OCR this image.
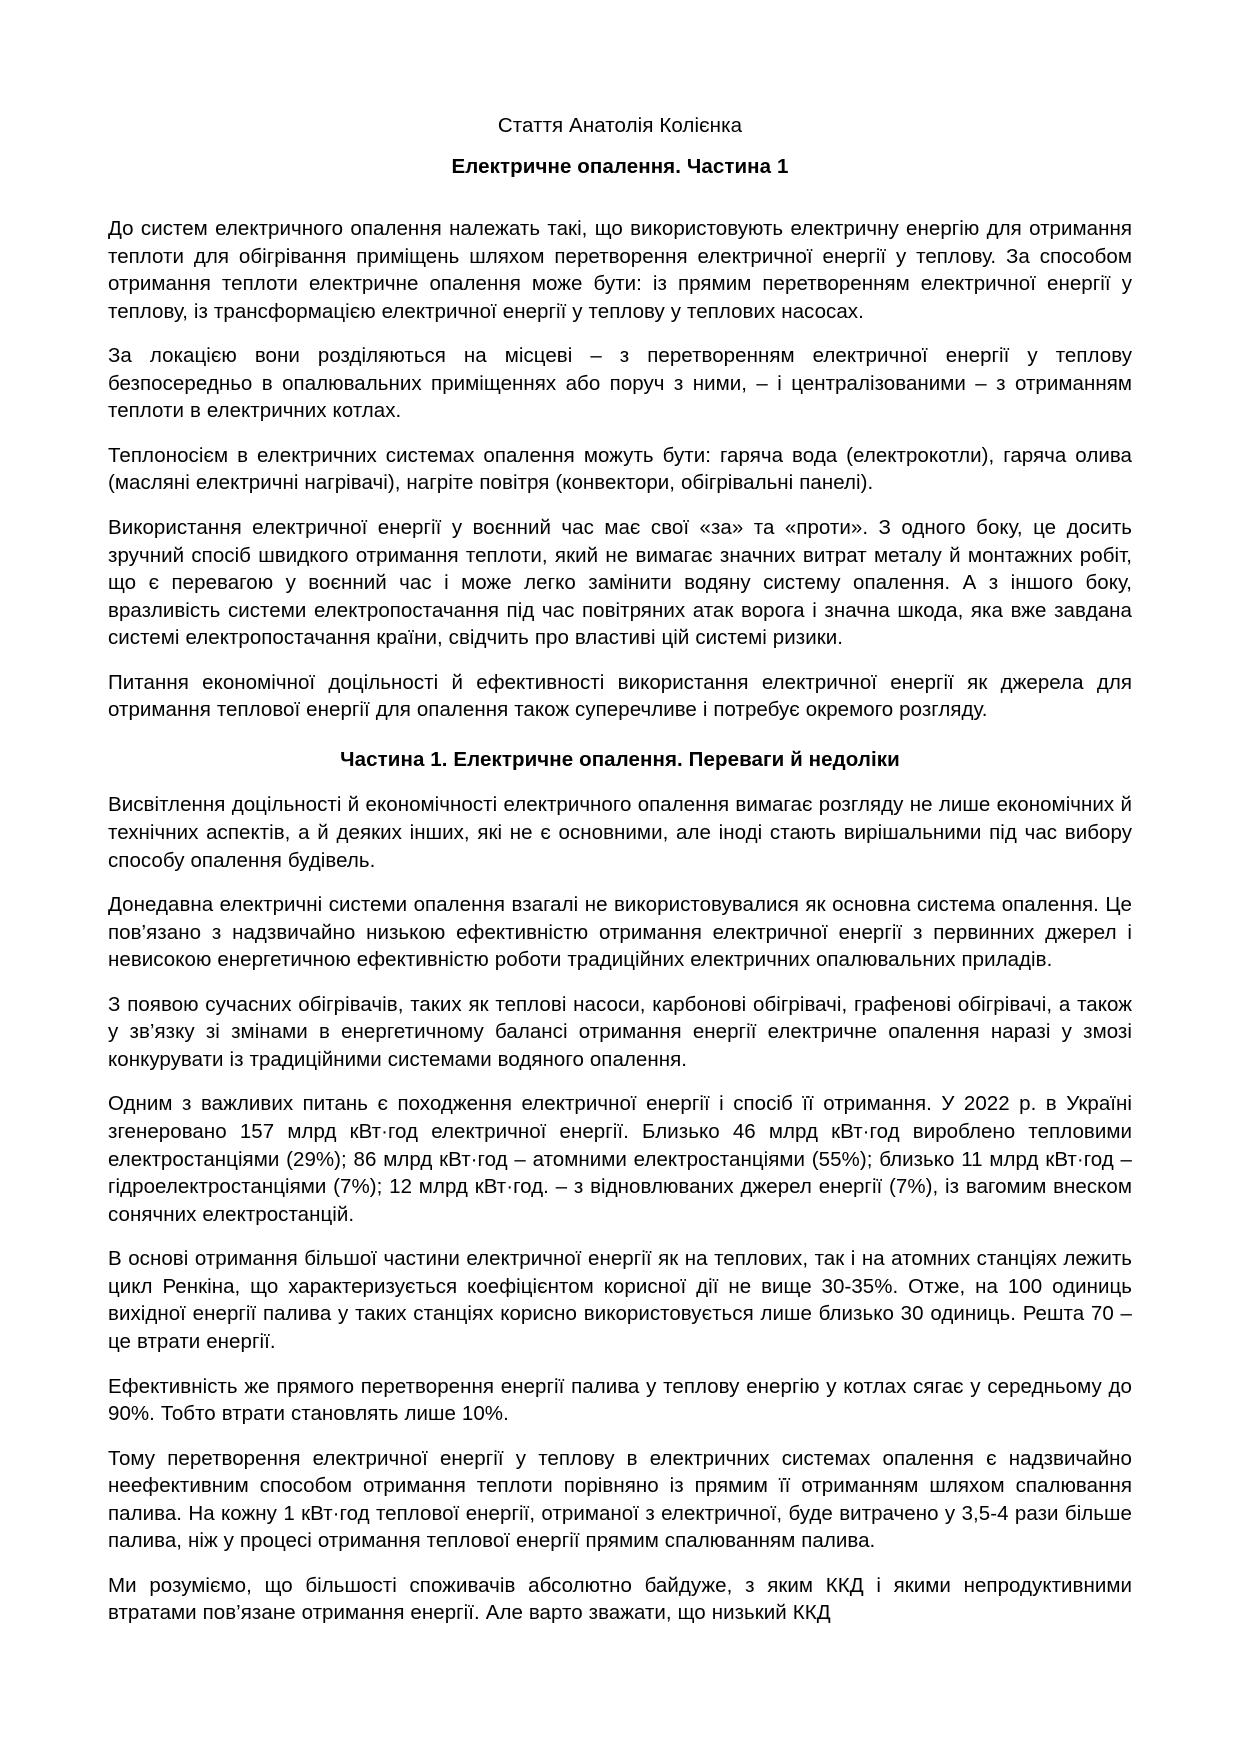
Стаття Анатолія Колієнка
Електричне опалення. Частина 1

До систем електричного опалення належать такі, що використовують електричну енергію для отримання теплоти для обігрівання приміщень шляхом перетворення електричної енергії у теплову. За способом отримання теплоти електричне опалення може бути: із прямим перетворенням електричної енергії у теплову, із трансформацією електричної енергії у теплову у теплових насосах.

За локацією вони розділяються на місцеві – з перетворенням електричної енергії у теплову безпосередньо в опалювальних приміщеннях або поруч з ними, – і централізованими – з отриманням теплоти в електричних котлах.

Теплоносієм в електричних системах опалення можуть бути: гаряча вода (електрокотли), гаряча олива (масляні електричні нагрівачі), нагріте повітря (конвектори, обігрівальні панелі).

Використання електричної енергії у воєнний час має свої «за» та «проти». З одного боку, це досить зручний спосіб швидкого отримання теплоти, який не вимагає значних витрат металу й монтажних робіт, що є перевагою у воєнний час і може легко замінити водяну систему опалення. А з іншого боку, вразливість системи електропостачання під час повітряних атак ворога і значна шкода, яка вже завдана системі електропостачання країни, свідчить про властиві цій системі ризики.

Питання економічної доцільності й ефективності використання електричної енергії як джерела для отримання теплової енергії для опалення також суперечливе і потребує окремого розгляду.

Частина 1. Електричне опалення. Переваги й недоліки

Висвітлення доцільності й економічності електричного опалення вимагає розгляду не лише економічних й технічних аспектів, а й деяких інших, які не є основними, але іноді стають вирішальними під час вибору способу опалення будівель.

Донедавна електричні системи опалення взагалі не використовувалися як основна система опалення. Це пов’язано з надзвичайно низькою ефективністю отримання електричної енергії з первинних джерел і невисокою енергетичною ефективністю роботи традиційних електричних опалювальних приладів.

З появою сучасних обігрівачів, таких як теплові насоси, карбонові обігрівачі, графенові обігрівачі, а також у зв’язку зі змінами в енергетичному балансі отримання енергії електричне опалення наразі у змозі конкурувати із традиційними системами водяного опалення.

Одним з важливих питань є походження електричної енергії і спосіб її отримання. У 2022 р. в Україні згенеровано 157 млрд кВт·год електричної енергії. Близько 46 млрд кВт·год вироблено тепловими електростанціями (29%); 86 млрд кВт·год – атомними електростанціями (55%); близько 11 млрд кВт·год – гідроелектростанціями (7%); 12 млрд кВт·год. – з відновлюваних джерел енергії (7%), із вагомим внеском сонячних електростанцій.

В основі отримання більшої частини електричної енергії як на теплових, так і на атомних станціях лежить цикл Ренкіна, що характеризується коефіцієнтом корисної дії не вище 30-35%. Отже, на 100 одиниць вихідної енергії палива у таких станціях корисно використовується лише близько 30 одиниць. Решта 70 – це втрати енергії.

Ефективність же прямого перетворення енергії палива у теплову енергію у котлах сягає у середньому до 90%. Тобто втрати становлять лише 10%.

Тому перетворення електричної енергії у теплову в електричних системах опалення є надзвичайно неефективним способом отримання теплоти порівняно із прямим її отриманням шляхом спалювання палива. На кожну 1 кВт·год теплової енергії, отриманої з електричної, буде витрачено у 3,5-4 рази більше палива, ніж у процесі отримання теплової енергії прямим спалюванням палива.

Ми розуміємо, що більшості споживачів абсолютно байдуже, з яким ККД і якими непродуктивними втратами пов’язане отримання енергії. Але варто зважати, що низький ККД
